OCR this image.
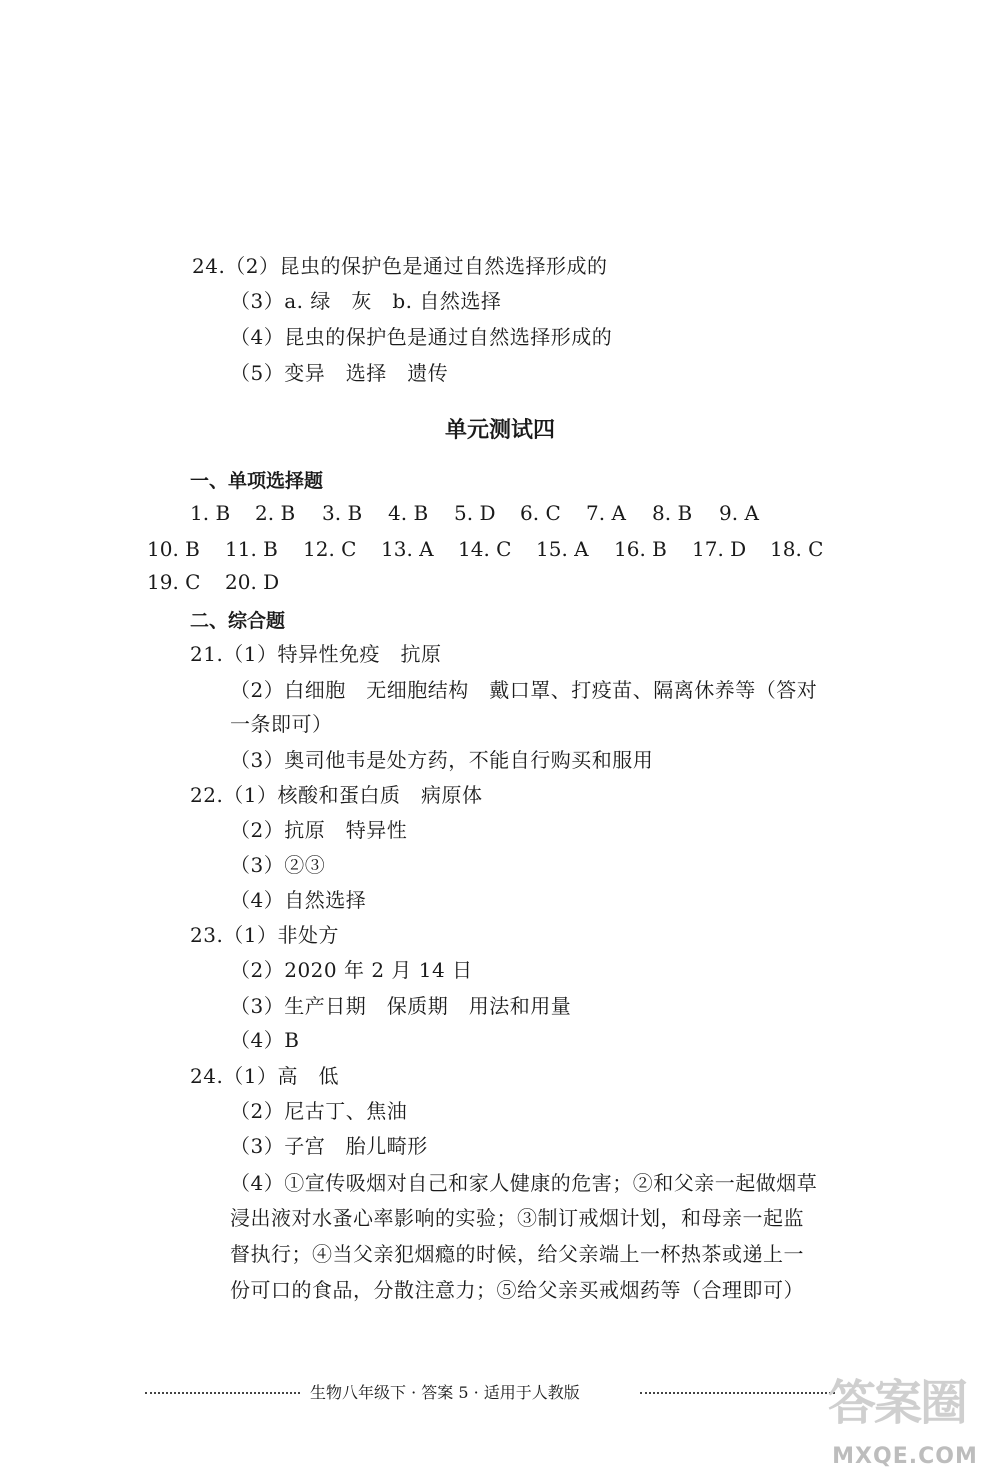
24.（2）昆虫的保护色是通过自然选择形成的
（3）a. 绿　灰　b. 自然选择
（4）昆虫的保护色是通过自然选择形成的
（5）变异　选择　遗传
单元测试四
一、单项选择题
1. B 2. B 3. B 4. B 5. D 6. C 7. A 8. B 9. A
10. B 11. B 12. C 13. A 14. C 15. A 16. B 17. D 18. C
19. C 20. D
二、综合题
21.（1）特异性免疫　抗原
（2）白细胞　无细胞结构　戴口罩、打疫苗、隔离休养等（答对
一条即可）
（3）奥司他韦是处方药，不能自行购买和服用
22.（1）核酸和蛋白质　病原体
（2）抗原　特异性
（3）②③
（4）自然选择
23.（1）非处方
（2）2020 年 2 月 14 日
（3）生产日期　保质期　用法和用量
（4）B
24.（1）高　低
（2）尼古丁、焦油
（3）子宫　胎儿畸形
（4）①宣传吸烟对自己和家人健康的危害；②和父亲一起做烟草
浸出液对水蚤心率影响的实验；③制订戒烟计划，和母亲一起监
督执行；④当父亲犯烟瘾的时候，给父亲端上一杯热茶或递上一
份可口的食品，分散注意力；⑤给父亲买戒烟药等（合理即可）
生物八年级下 · 答案 5 · 适用于人教版	答案圈
MXQE.COM
